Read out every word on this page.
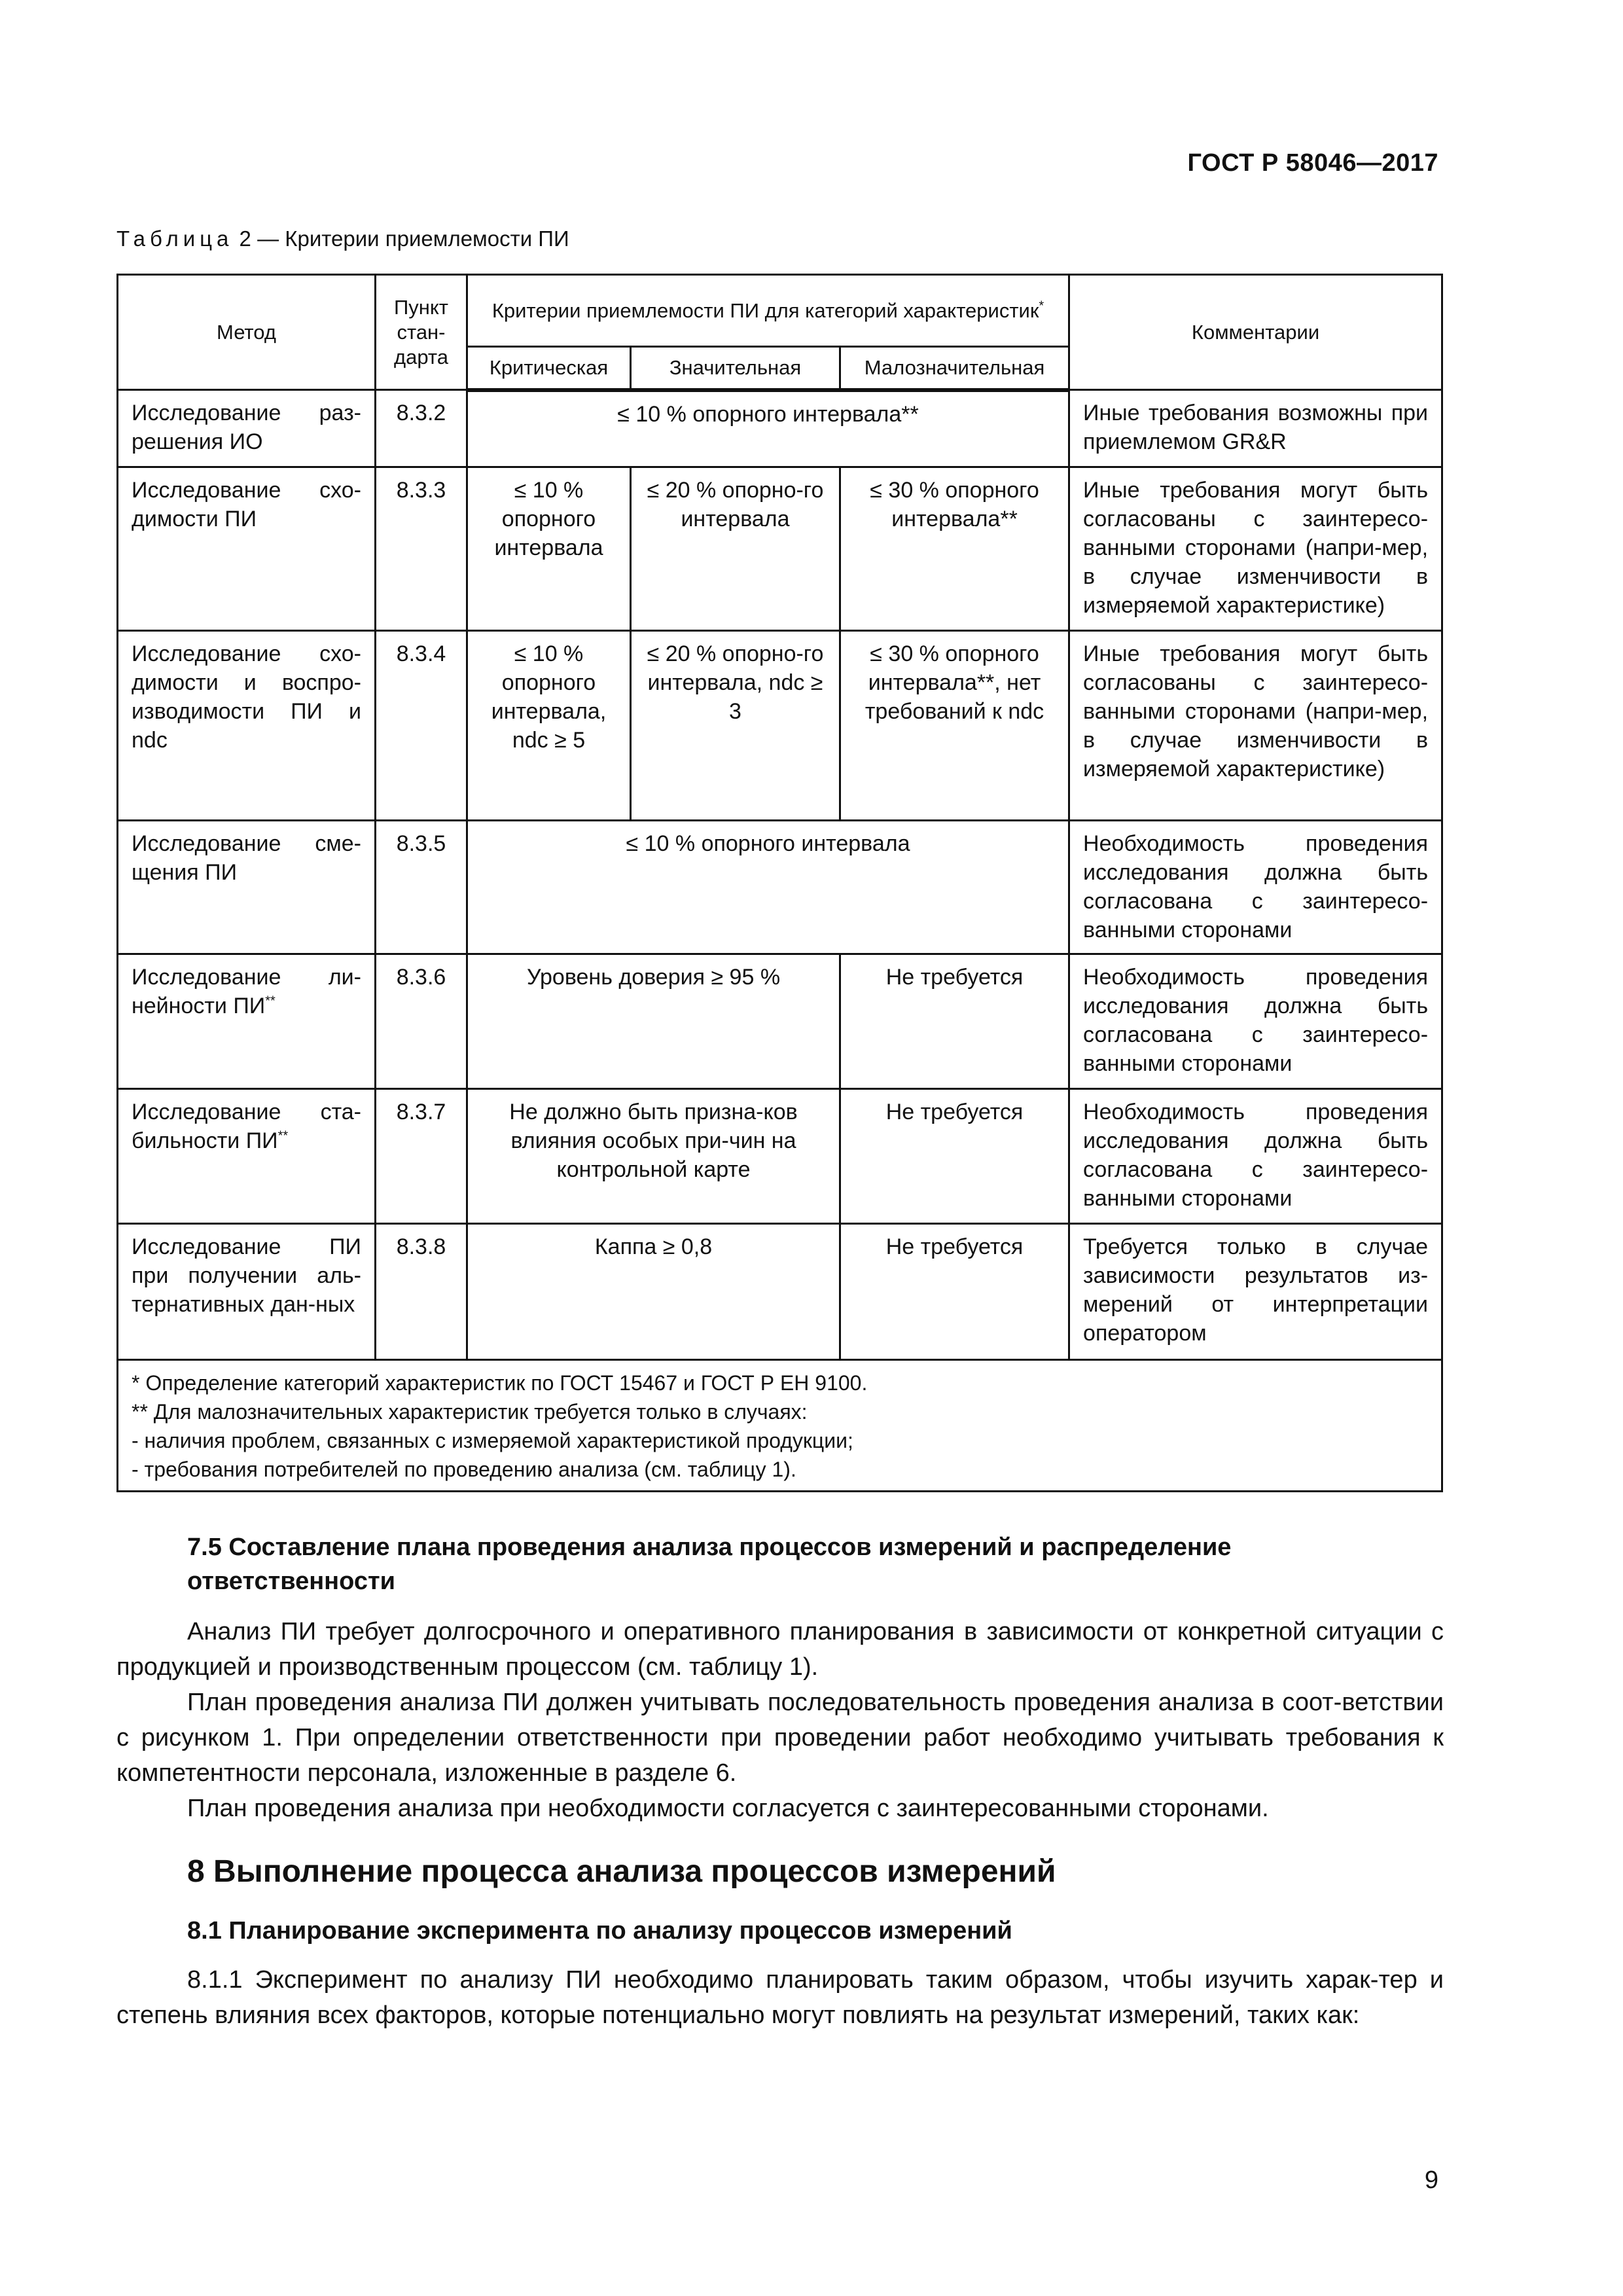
ГОСТ Р 58046—2017
Таблица 2 — Критерии приемлемости ПИ
Метод	Пункт стан-дарта	Критерии приемлемости ПИ для категорий характеристик*			Комментарии
		Критическая	Значительная	Малозначительная	
Исследование раз-решения ИО	8.3.2	≤ 10 % опорного интервала**			Иные требования возможны при приемлемом GR&R
Исследование схо-димости ПИ	8.3.3	≤ 10 % опорного интервала	≤ 20 % опорно-го интервала	≤ 30 % опорного интервала**	Иные требования могут быть согласованы с заинтересо-ванными сторонами (напри-мер, в случае изменчивости в измеряемой характеристике)
Исследование схо-димости и воспро-изводимости ПИ и ndc	8.3.4	≤ 10 % опорного интервала, ndc ≥ 5	≤ 20 % опорно-го интервала, ndc ≥ 3	≤ 30 % опорного интервала**, нет требований к ndc	Иные требования могут быть согласованы с заинтересо-ванными сторонами (напри-мер, в случае изменчивости в измеряемой характеристике)
Исследование сме-щения ПИ	8.3.5	≤ 10 % опорного интервала			Необходимость проведения исследования должна быть согласована с заинтересо-ванными сторонами
Исследование ли-нейности ПИ**	8.3.6	Уровень доверия ≥ 95 %		Не требуется	Необходимость проведения исследования должна быть согласована с заинтересо-ванными сторонами
Исследование ста-бильности ПИ**	8.3.7	Не должно быть призна-ков влияния особых при-чин на контрольной карте		Не требуется	Необходимость проведения исследования должна быть согласована с заинтересо-ванными сторонами
Исследование ПИ при получении аль-тернативных дан-ных	8.3.8	Каппа ≥ 0,8		Не требуется	Требуется только в случае зависимости результатов из-мерений от интерпретации оператором

* Определение категорий характеристик по ГОСТ 15467 и ГОСТ Р ЕН 9100.
** Для малозначительных характеристик требуется только в случаях:
- наличия проблем, связанных с измеряемой характеристикой продукции;
- требования потребителей по проведению анализа (см. таблицу 1).					
7.5 Составление плана проведения анализа процессов измерений и распределение ответственности

Анализ ПИ требует долгосрочного и оперативного планирования в зависимости от конкретной ситуации с продукцией и производственным процессом (см. таблицу 1).

План проведения анализа ПИ должен учитывать последовательность проведения анализа в соот-ветствии с рисунком 1. При определении ответственности при проведении работ необходимо учитывать требования к компетентности персонала, изложенные в разделе 6.

План проведения анализа при необходимости согласуется с заинтересованными сторонами.

8 Выполнение процесса анализа процессов измерений
8.1 Планирование эксперимента по анализу процессов измерений

8.1.1 Эксперимент по анализу ПИ необходимо планировать таким образом, чтобы изучить харак-тер и степень влияния всех факторов, которые потенциально могут повлиять на результат измерений, таких как:

9
